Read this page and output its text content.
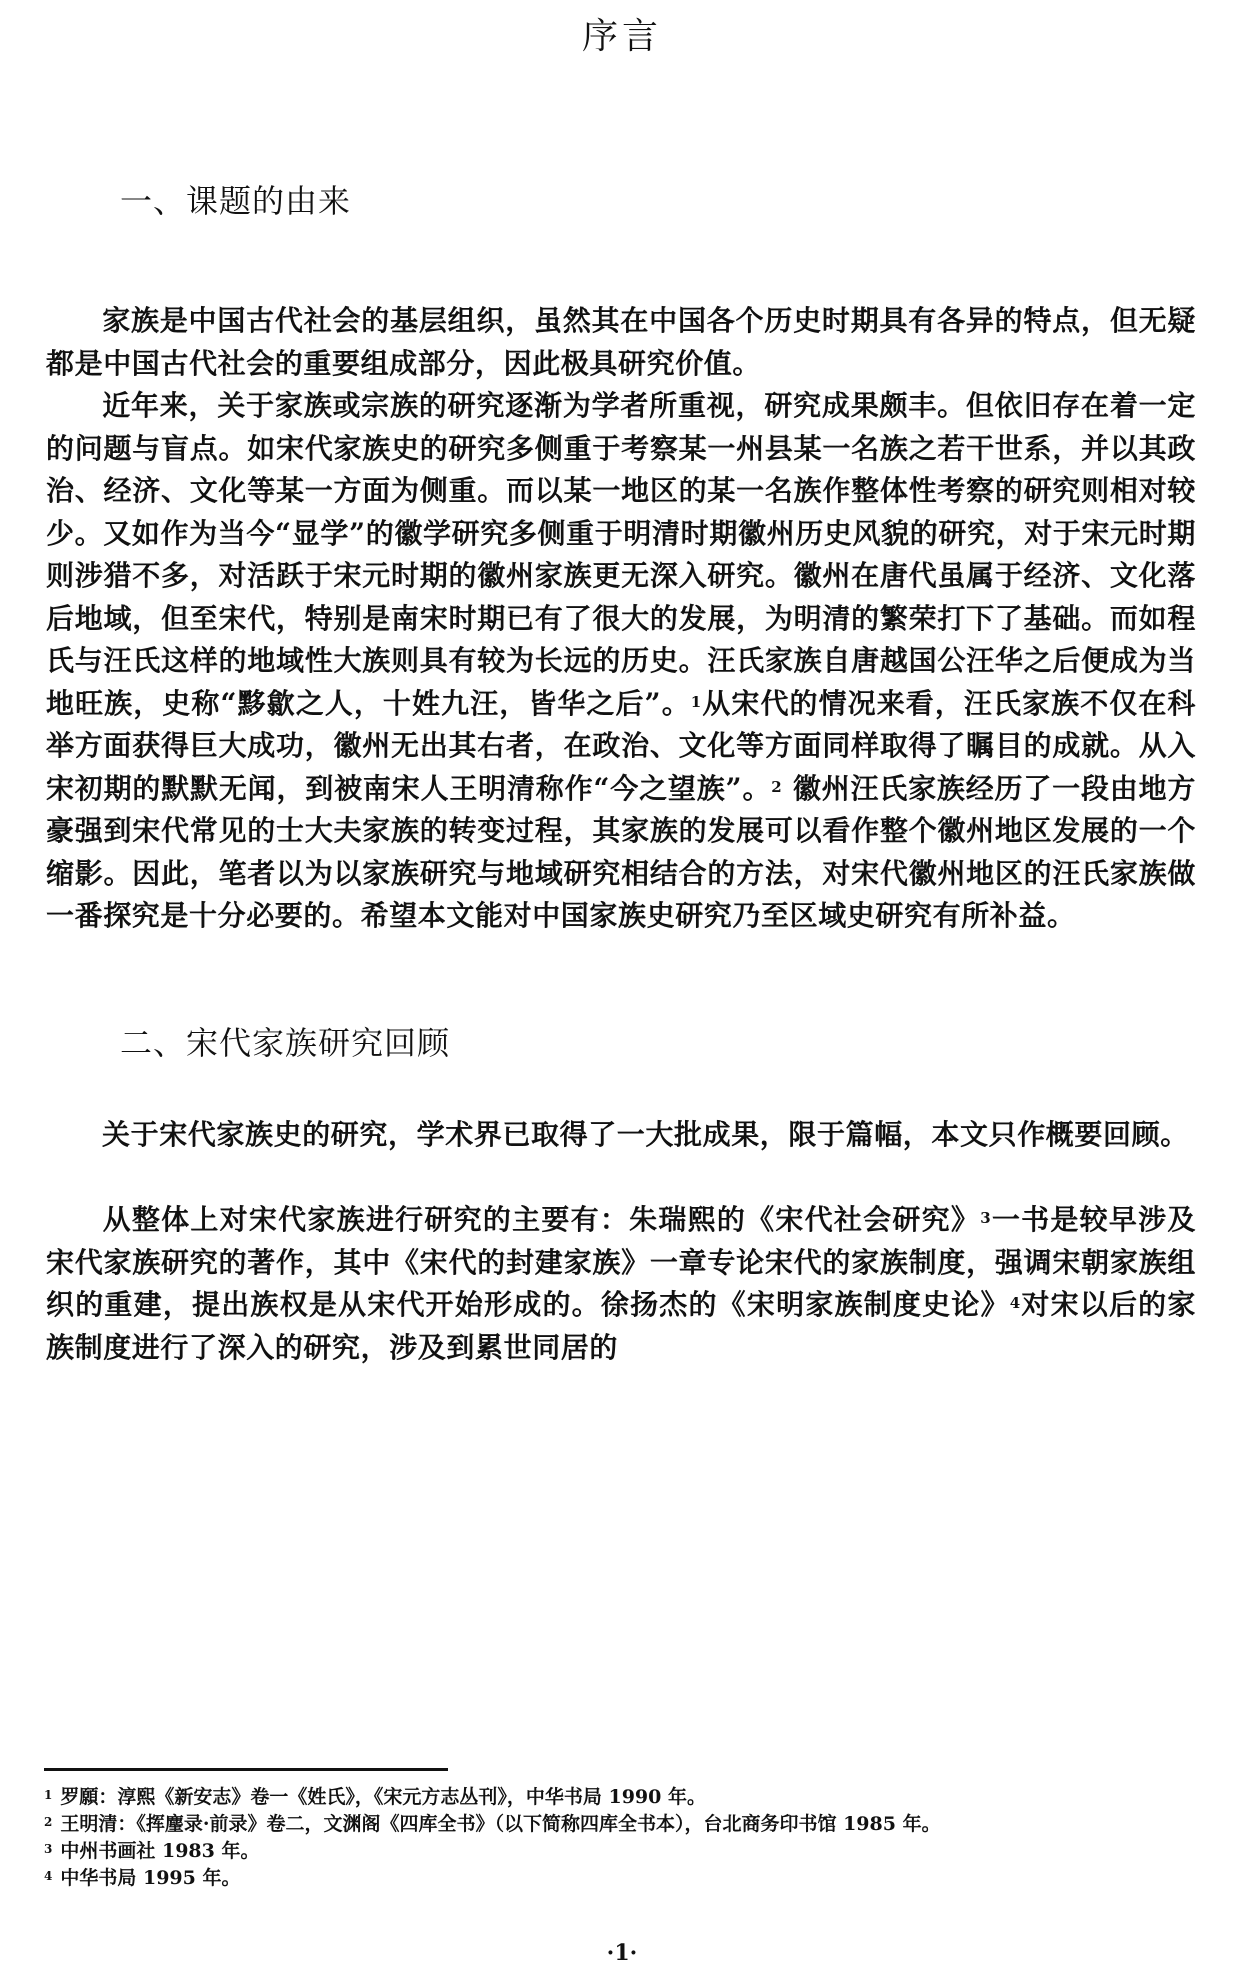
序言
一、课题的由来
家族是中国古代社会的基层组织，虽然其在中国各个历史时期具有各异的特点，但无疑都是中国古代社会的重要组成部分，因此极具研究价值。
近年来，关于家族或宗族的研究逐渐为学者所重视，研究成果颇丰。但依旧存在着一定的问题与盲点。如宋代家族史的研究多侧重于考察某一州县某一名族之若干世系，并以其政治、经济、文化等某一方面为侧重。而以某一地区的某一名族作整体性考察的研究则相对较少。又如作为当今“显学”的徽学研究多侧重于明清时期徽州历史风貌的研究，对于宋元时期则涉猎不多，对活跃于宋元时期的徽州家族更无深入研究。徽州在唐代虽属于经济、文化落后地域，但至宋代，特别是南宋时期已有了很大的发展，为明清的繁荣打下了基础。而如程氏与汪氏这样的地域性大族则具有较为长远的历史。汪氏家族自唐越国公汪华之后便成为当地旺族，史称“黟歙之人，十姓九汪，皆华之后”。$^1$从宋代的情况来看，汪氏家族不仅在科举方面获得巨大成功，徽州无出其右者，在政治、文化等方面同样取得了瞩目的成就。从入宋初期的默默无闻，到被南宋人王明清称作“今之望族”。$^2$ 徽州汪氏家族经历了一段由地方豪强到宋代常见的士大夫家族的转变过程，其家族的发展可以看作整个徽州地区发展的一个缩影。因此，笔者以为以家族研究与地域研究相结合的方法，对宋代徽州地区的汪氏家族做一番探究是十分必要的。希望本文能对中国家族史研究乃至区域史研究有所补益。
二、宋代家族研究回顾
关于宋代家族史的研究，学术界已取得了一大批成果，限于篇幅，本文只作概要回顾。
从整体上对宋代家族进行研究的主要有：朱瑞熙的《宋代社会研究》$^3$一书是较早涉及宋代家族研究的著作，其中《宋代的封建家族》一章专论宋代的家族制度，强调宋朝家族组织的重建，提出族权是从宋代开始形成的。徐扬杰的《宋明家族制度史论》$^4$对宋以后的家族制度进行了深入的研究，涉及到累世同居的
$^1$ 罗願：淳熙《新安志》卷一《姓氏》，《宋元方志丛刊》，中华书局 1990 年。
$^2$ 王明清：《挥麈录·前录》卷二，文渊阁《四库全书》（以下简称四库全书本），台北商务印书馆 1985 年。
$^3$ 中州书画社 1983 年。
$^4$ 中华书局 1995 年。
·1·
